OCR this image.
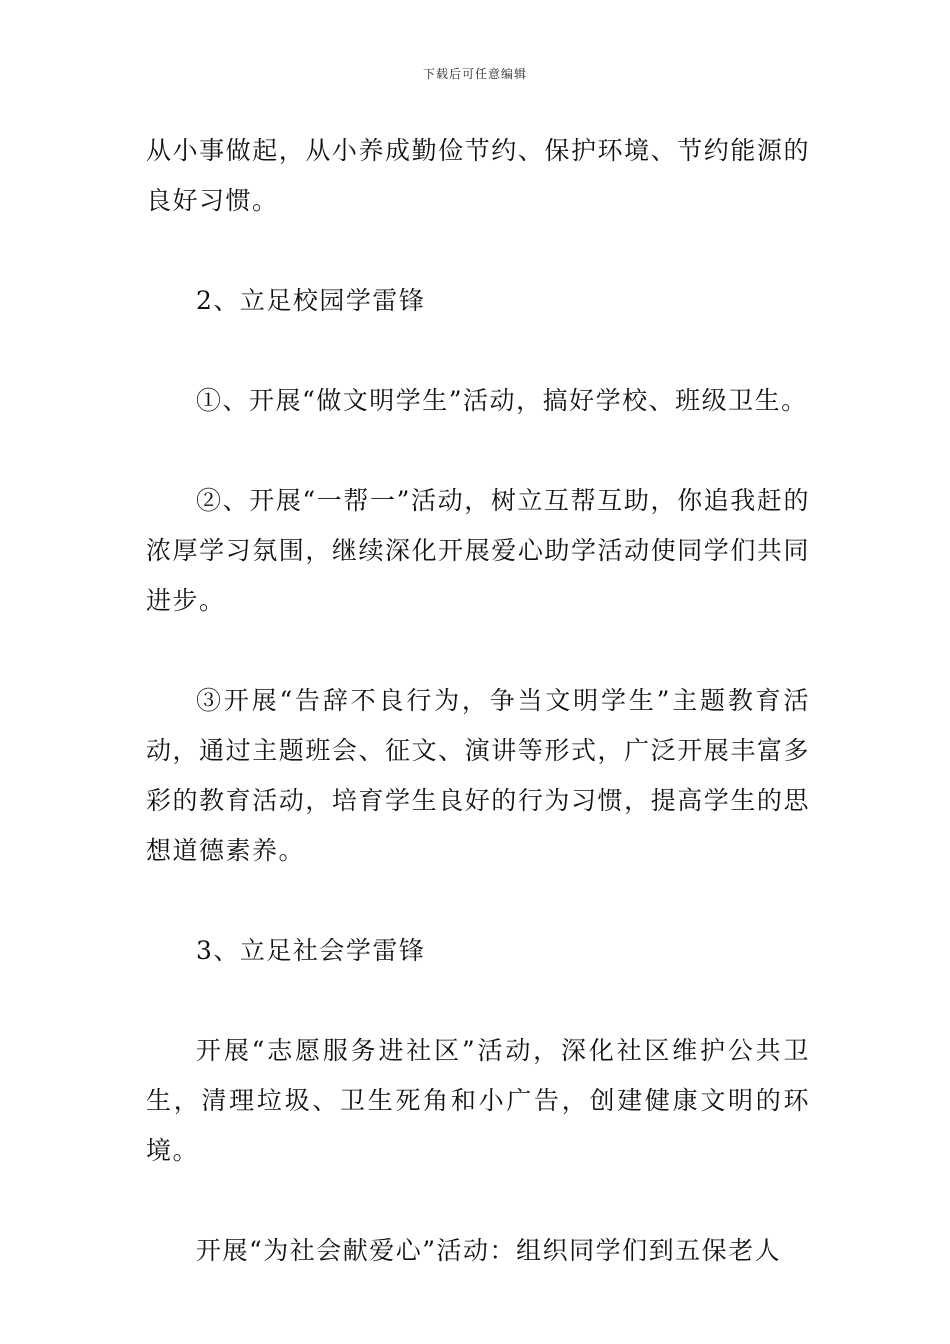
下载后可任意编辑

从小事做起，从小养成勤俭节约、保护环境、节约能源的良好习惯。

2、立足校园学雷锋

①、开展“做文明学生”活动，搞好学校、班级卫生。

②、开展“一帮一”活动，树立互帮互助，你追我赶的浓厚学习氛围，继续深化开展爱心助学活动使同学们共同进步。

③开展“告辞不良行为，争当文明学生”主题教育活动，通过主题班会、征文、演讲等形式，广泛开展丰富多彩的教育活动，培育学生良好的行为习惯，提高学生的思想道德素养。

3、立足社会学雷锋

开展“志愿服务进社区”活动，深化社区维护公共卫生，清理垃圾、卫生死角和小广告，创建健康文明的环境。

开展“为社会献爱心”活动：组织同学们到五保老人
